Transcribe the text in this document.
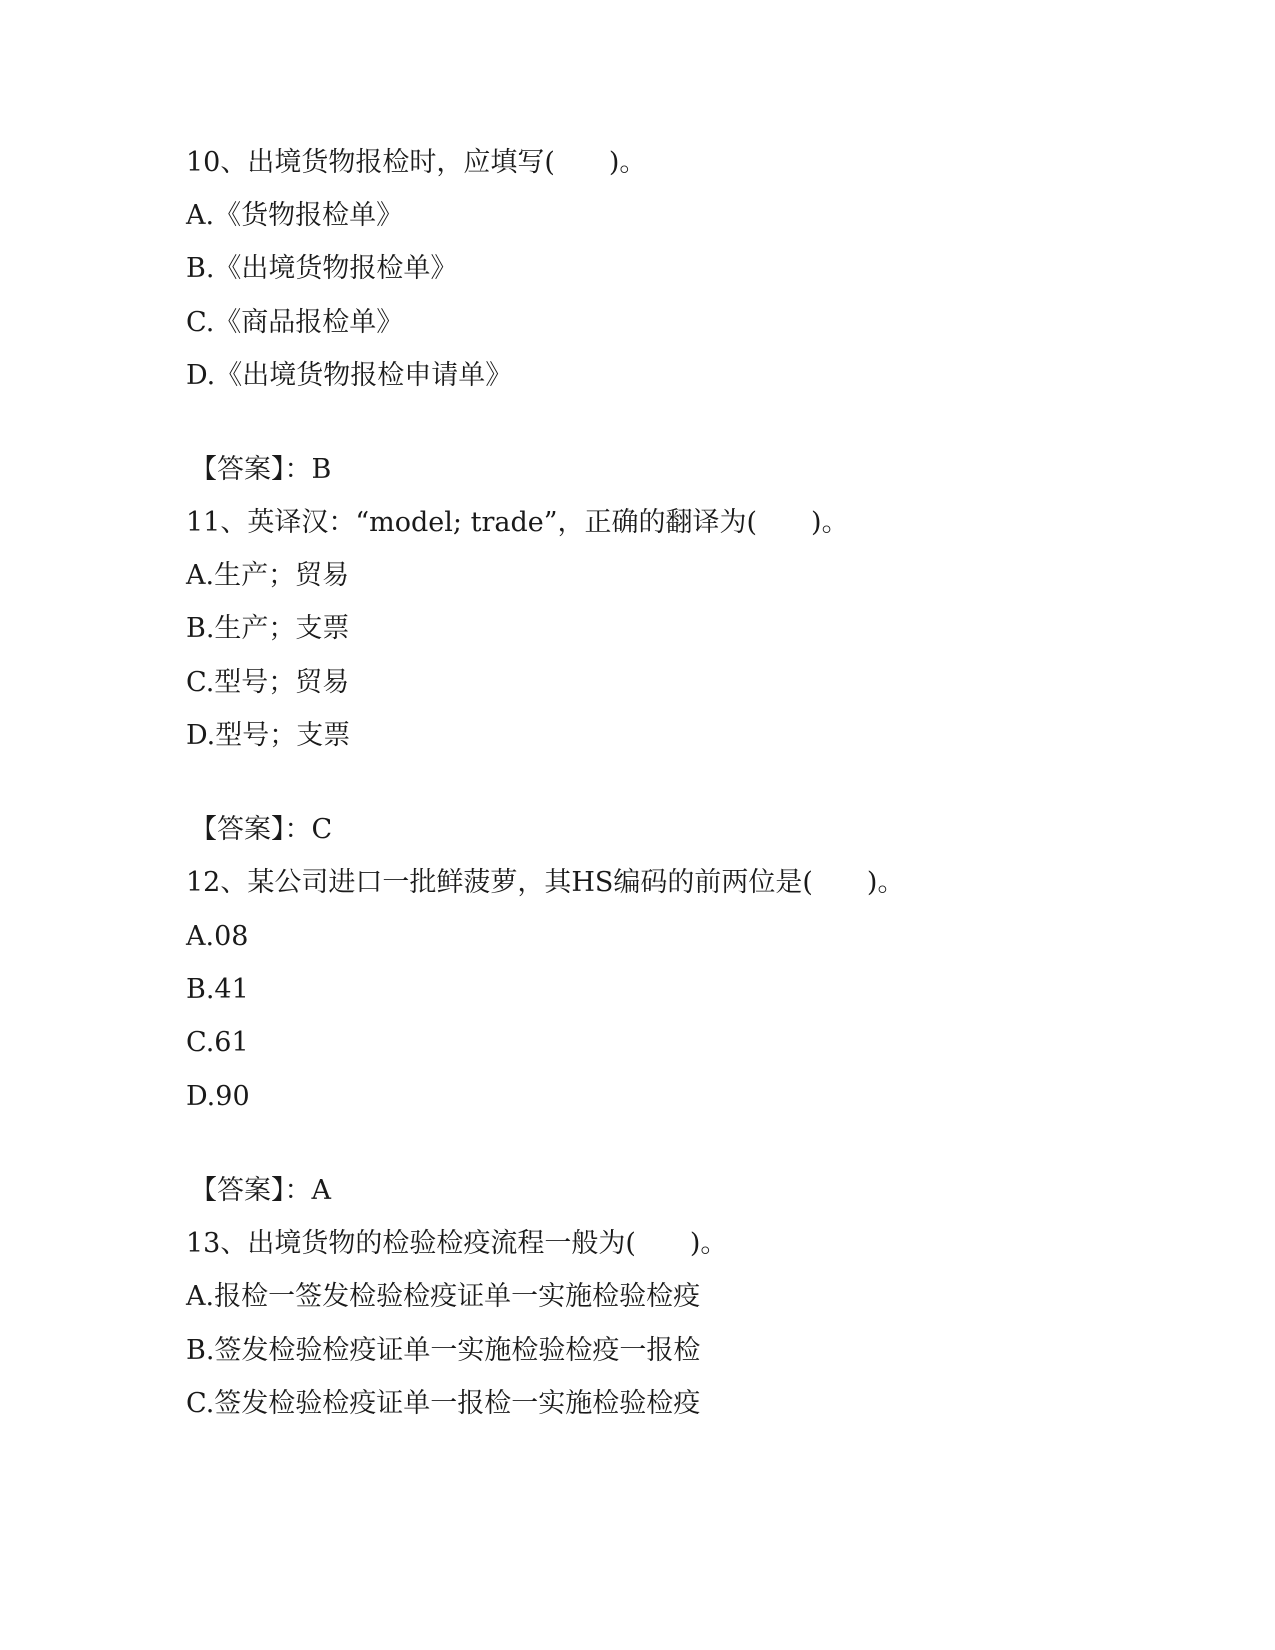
10、出境货物报检时，应填写(　　)。
A.《货物报检单》
B.《出境货物报检单》
C.《商品报检单》
D.《出境货物报检申请单》
【答案】：B
11、英译汉：“model; trade”，正确的翻译为(　　)。
A.生产；贸易
B.生产；支票
C.型号；贸易
D.型号；支票
【答案】：C
12、某公司进口一批鲜菠萝，其HS编码的前两位是(　　)。
A.08
B.41
C.61
D.90
【答案】：A
13、出境货物的检验检疫流程一般为(　　)。
A.报检一签发检验检疫证单一实施检验检疫
B.签发检验检疫证单一实施检验检疫一报检
C.签发检验检疫证单一报检一实施检验检疫
